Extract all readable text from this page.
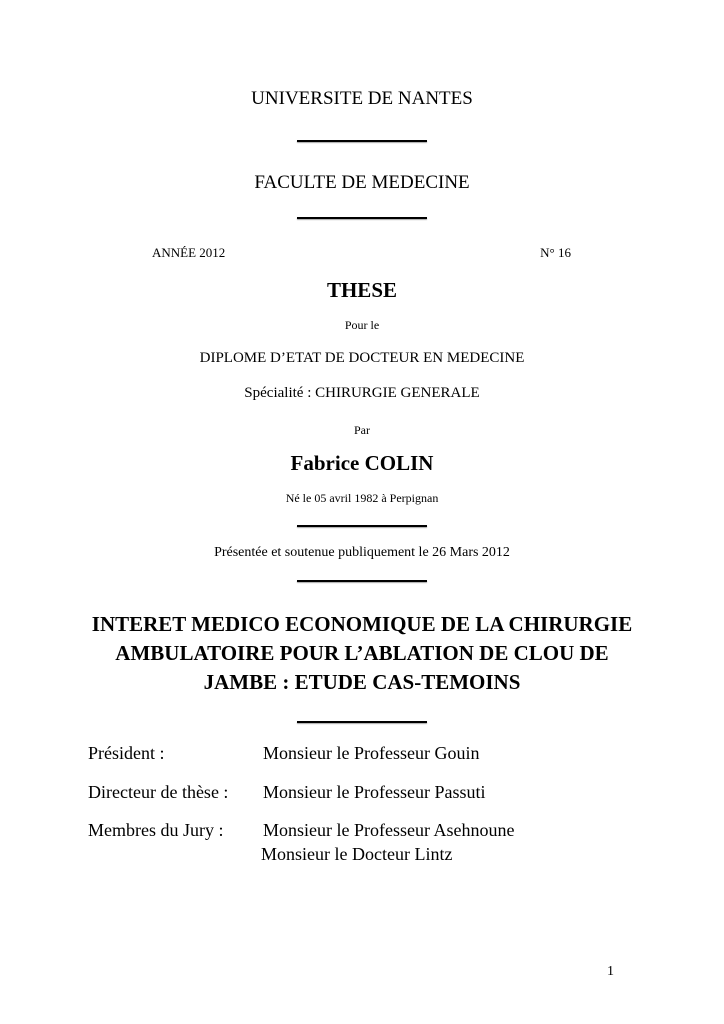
UNIVERSITE DE NANTES
FACULTE DE MEDECINE
ANNÉE 2012	N° 16
THESE
Pour le
DIPLOME D’ETAT DE DOCTEUR EN MEDECINE
Spécialité : CHIRURGIE GENERALE
Par
Fabrice COLIN
Né le 05 avril 1982 à Perpignan
Présentée et soutenue publiquement le 26 Mars 2012
INTERET MEDICO ECONOMIQUE DE LA CHIRURGIE
AMBULATOIRE POUR L’ABLATION DE CLOU DE
JAMBE : ETUDE CAS-TEMOINS
Président :	Monsieur le Professeur Gouin
Directeur de thèse : Monsieur le Professeur Passuti
Membres du Jury : Monsieur le Professeur Asehnoune
Monsieur le Docteur Lintz
1
